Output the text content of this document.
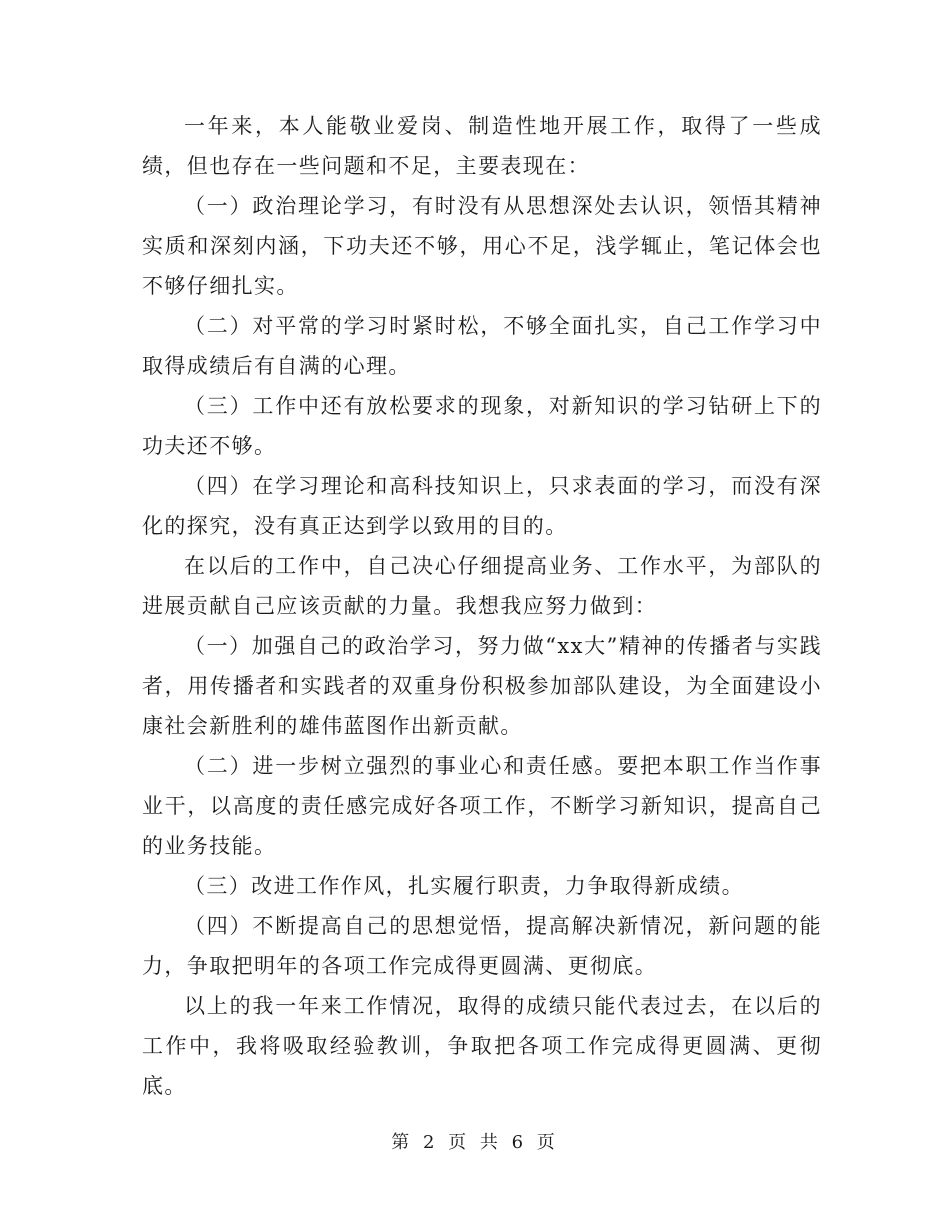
一年来，本人能敬业爱岗、制造性地开展工作，取得了一些成绩，但也存在一些问题和不足，主要表现在：

（一）政治理论学习，有时没有从思想深处去认识，领悟其精神实质和深刻内涵，下功夫还不够，用心不足，浅学辄止，笔记体会也不够仔细扎实。

（二）对平常的学习时紧时松，不够全面扎实，自己工作学习中取得成绩后有自满的心理。

（三）工作中还有放松要求的现象，对新知识的学习钻研上下的功夫还不够。

（四）在学习理论和高科技知识上，只求表面的学习，而没有深化的探究，没有真正达到学以致用的目的。

在以后的工作中，自己决心仔细提高业务、工作水平，为部队的进展贡献自己应该贡献的力量。我想我应努力做到：

（一）加强自己的政治学习，努力做“xx大”精神的传播者与实践者，用传播者和实践者的双重身份积极参加部队建设，为全面建设小康社会新胜利的雄伟蓝图作出新贡献。

（二）进一步树立强烈的事业心和责任感。要把本职工作当作事业干，以高度的责任感完成好各项工作，不断学习新知识，提高自己的业务技能。

（三）改进工作作风，扎实履行职责，力争取得新成绩。

（四）不断提高自己的思想觉悟，提高解决新情况，新问题的能力，争取把明年的各项工作完成得更圆满、更彻底。

以上的我一年来工作情况，取得的成绩只能代表过去，在以后的工作中，我将吸取经验教训，争取把各项工作完成得更圆满、更彻底。

第 2 页 共 6 页
